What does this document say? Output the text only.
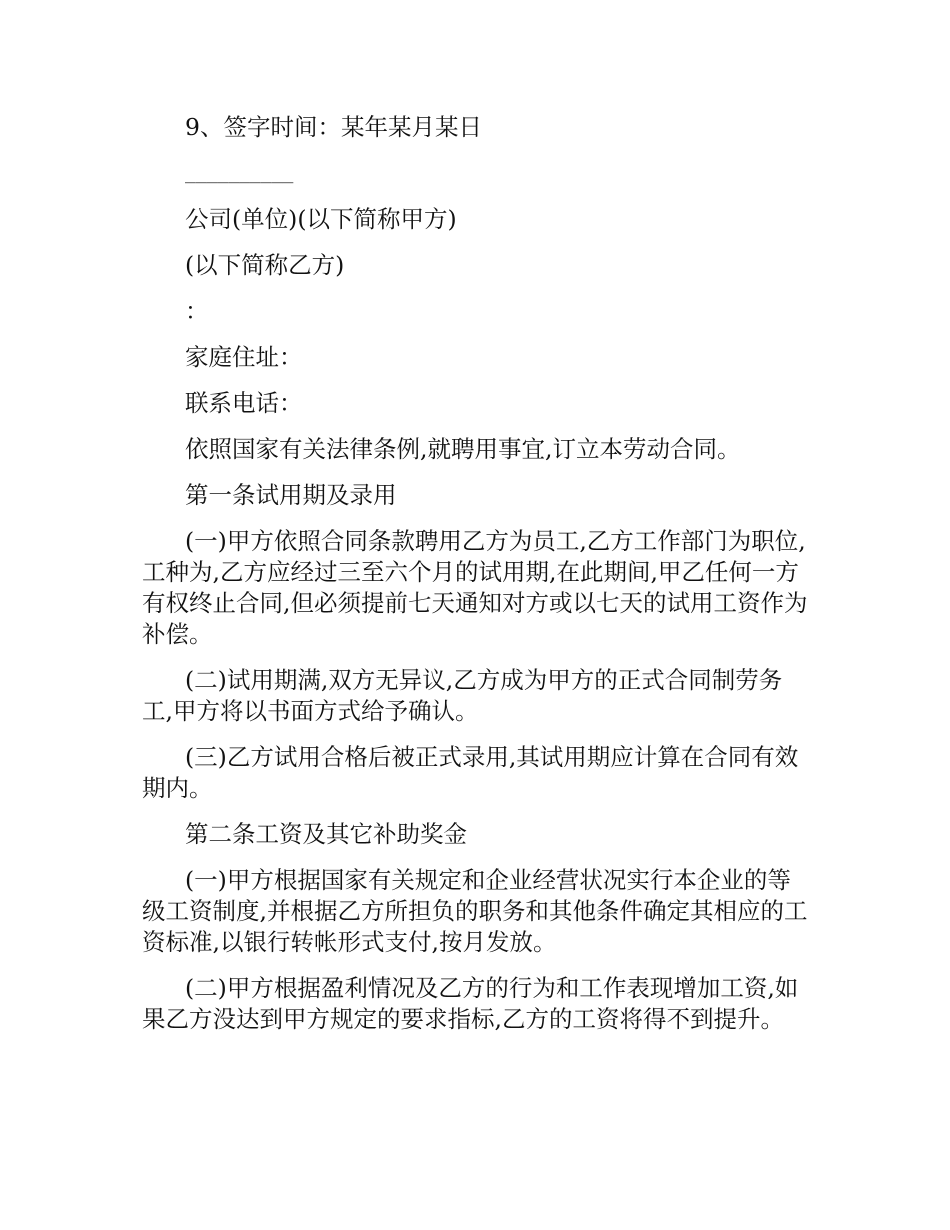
9、签字时间：某年某月某日

__________

公司(单位)(以下简称甲方)

(以下简称乙方)

：

家庭住址：

联系电话：

依照国家有关法律条例,就聘用事宜,订立本劳动合同。

第一条试用期及录用

(一)甲方依照合同条款聘用乙方为员工,乙方工作部门为职位,工种为,乙方应经过三至六个月的试用期,在此期间,甲乙任何一方有权终止合同,但必须提前七天通知对方或以七天的试用工资作为补偿。

(二)试用期满,双方无异议,乙方成为甲方的正式合同制劳务工,甲方将以书面方式给予确认。

(三)乙方试用合格后被正式录用,其试用期应计算在合同有效期内。

第二条工资及其它补助奖金

(一)甲方根据国家有关规定和企业经营状况实行本企业的等级工资制度,并根据乙方所担负的职务和其他条件确定其相应的工资标准,以银行转帐形式支付,按月发放。

(二)甲方根据盈利情况及乙方的行为和工作表现增加工资,如果乙方没达到甲方规定的要求指标,乙方的工资将得不到提升。
